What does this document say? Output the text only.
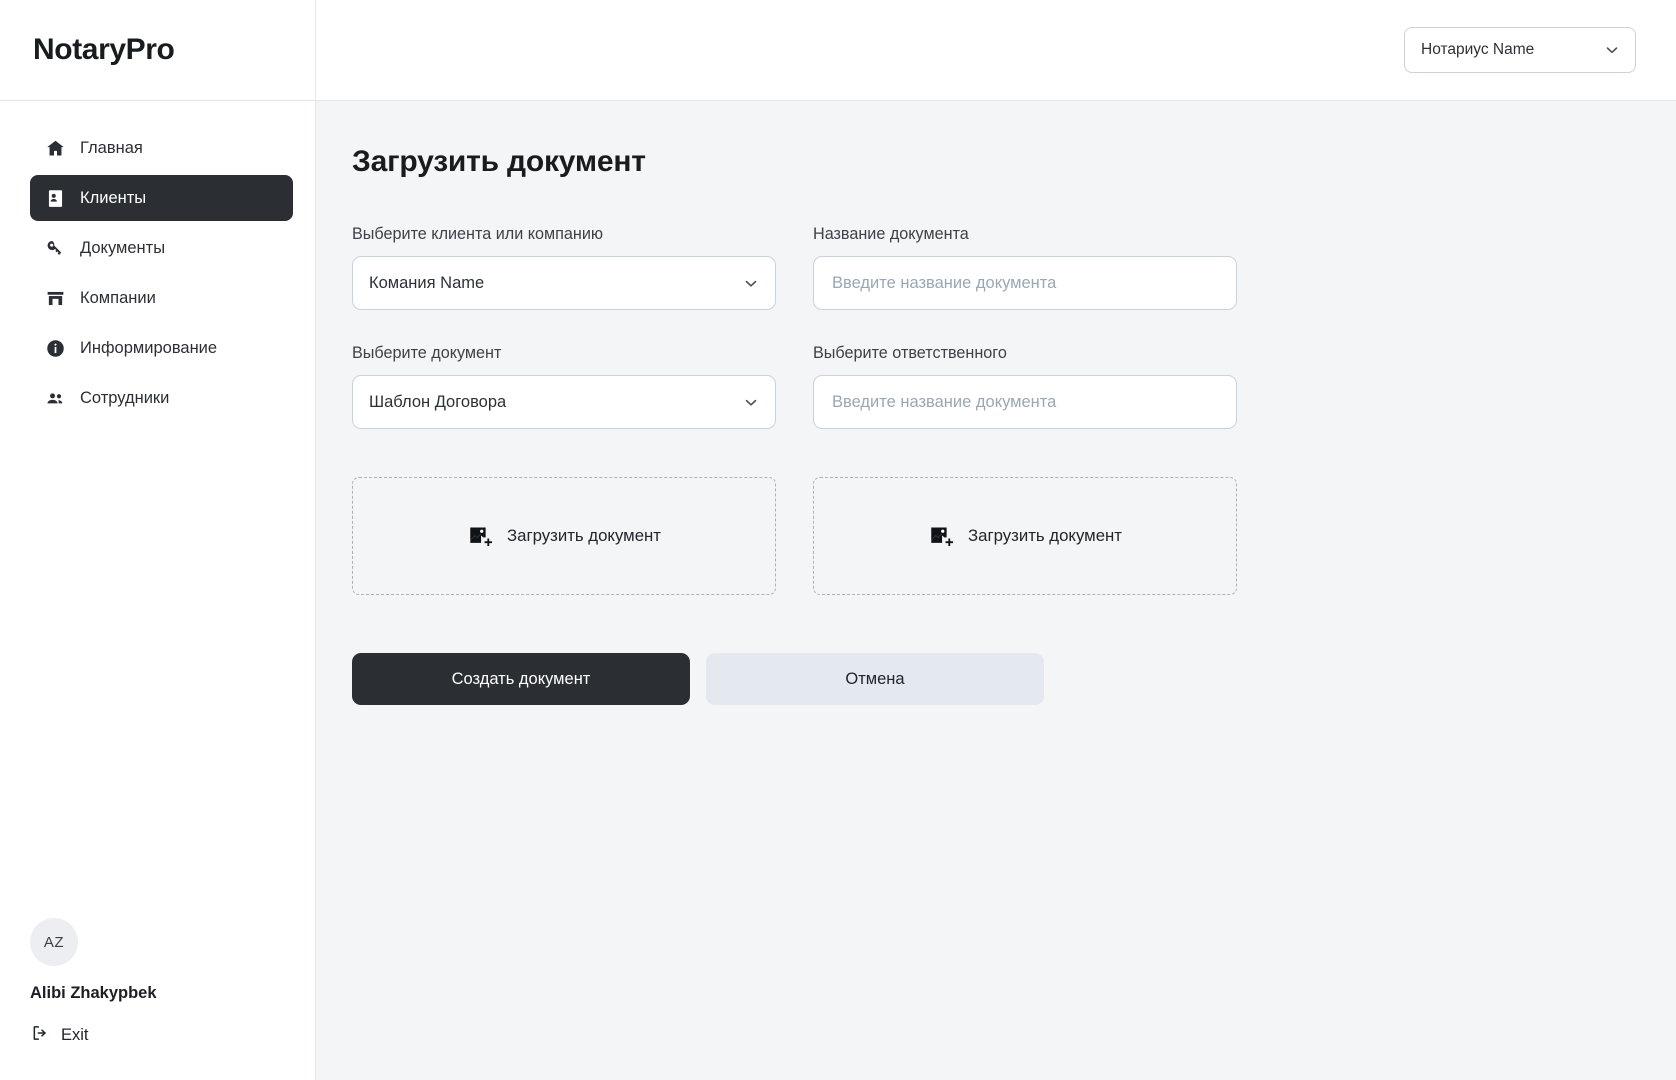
NotaryPro
Главная
Клиенты
Документы
Компании
Информирование
Сотрудники
AZ
Alibi Zhakypbek
Exit
Нотариус Name
Загрузить документ
Выберите клиента или компанию
Комания Name
Название документа
Введите название документа
Выберите документ
Шаблон Договора
Выберите ответственного
Введите название документа
Загрузить документ	Загрузить документ
Создать документ	Отмена
